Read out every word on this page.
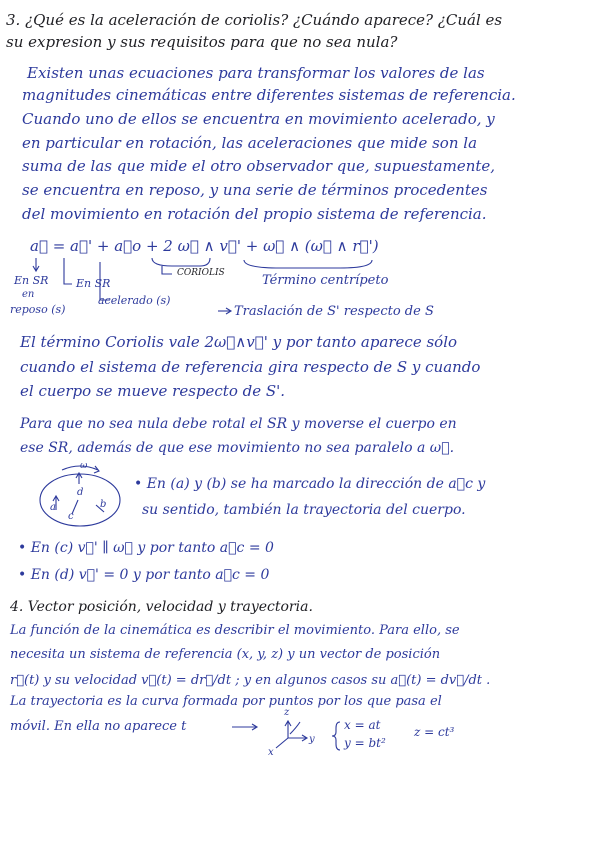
3. ¿Qué es la aceleración de coriolis? ¿Cuándo aparece? ¿Cuál es
su expresion y sus requisitos para que no sea nula?
Existen unas ecuaciones para transformar los valores de las
magnitudes cinemáticas entre diferentes sistemas de referencia.
Cuando uno de ellos se encuentra en movimiento acelerado, y
en particular en rotación, las aceleraciones que mide son la
suma de las que mide el otro observador que, supuestamente,
se encuentra en reposo, y una serie de términos procedentes
del movimiento en rotación del propio sistema de referencia.
a⃗ = a⃗' + a⃗o + 2 ω⃗ ∧ v⃗' + ω⃗ ∧ (ω⃗ ∧ r⃗')
CORIOLIS	Término centrípeto
En SR
en
reposo (s)
En SR
acelerado (s)
Traslación de S' respecto de S
El término Coriolis vale 2ω⃗∧v⃗' y por tanto aparece sólo
cuando el sistema de referencia gira respecto de S y cuando
el cuerpo se mueve respecto de S'.
Para que no sea nula debe rotal el SR y moverse el cuerpo en
ese SR, además de que ese movimiento no sea paralelo a ω⃗.
ω
d
a	b
c
• En (a) y (b) se ha marcado la dirección de a⃗c y
su sentido, también la trayectoria del cuerpo.
• En (c) v⃗' ∥ ω⃗ y por tanto a⃗c = 0
• En (d) v⃗' = 0 y por tanto a⃗c = 0
4. Vector posición, velocidad y trayectoria.
La función de la cinemática es describir el movimiento. Para ello, se
necesita un sistema de referencia (x, y, z) y un vector de posición
r⃗(t) y su velocidad v⃗(t) = dr⃗/dt ; y en algunos casos su a⃗(t) = dv⃗/dt .
La trayectoria es la curva formada por puntos por los que pasa el
móvil. En ella no aparece t
z
y
x
x = at
y = bt²
z = ct³
